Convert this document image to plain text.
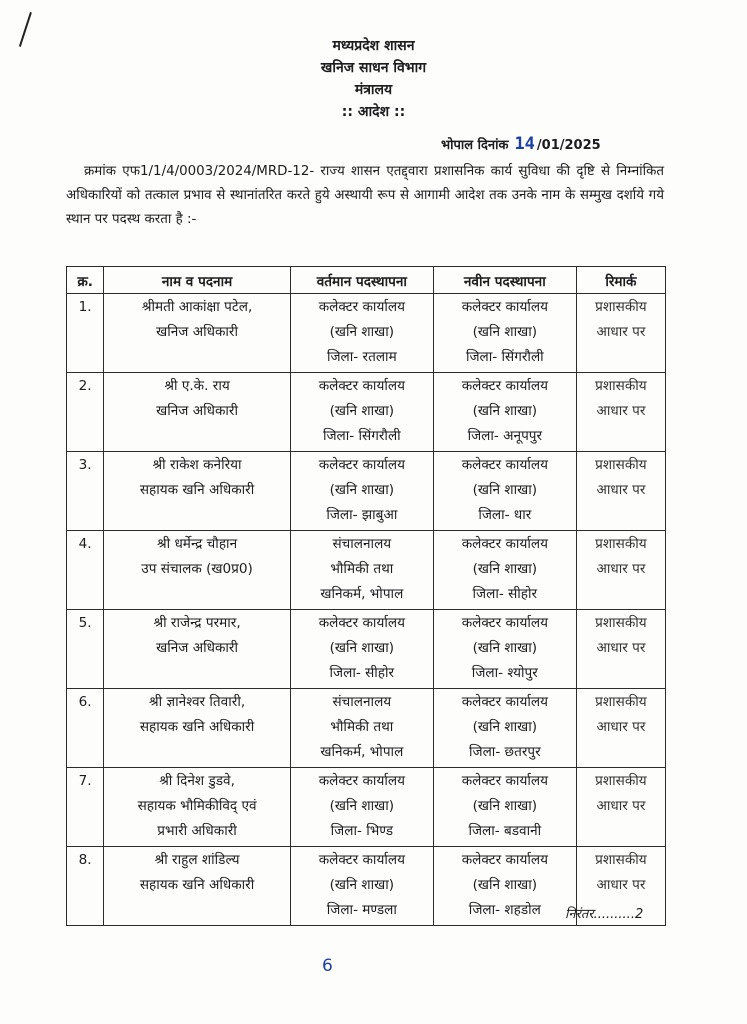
मध्यप्रदेश शासन
खनिज साधन विभाग
मंत्रालय
:: आदेश ::
भोपाल दिनांक 14 /01/2025
क्रमांक एफ1/1/4/0003/2024/MRD-12- राज्य शासन एतद्द्वारा प्रशासनिक कार्य सुविधा की दृष्टि से निम्नांकित अधिकारियों को तत्काल प्रभाव से स्थानांतरित करते हुये अस्थायी रूप से आगामी आदेश तक उनके नाम के सम्मुख दर्शाये गये स्थान पर पदस्थ करता है :-
क्र.	नाम व पदनाम	वर्तमान पदस्थापना	नवीन पदस्थापना	रिमार्क
1.	श्रीमती आकांक्षा पटेल,
खनिज अधिकारी	कलेक्टर कार्यालय
(खनि शाखा)
जिला- रतलाम	कलेक्टर कार्यालय
(खनि शाखा)
जिला- सिंगरौली	प्रशासकीय
आधार पर

2.	श्री ए.के. राय
खनिज अधिकारी	कलेक्टर कार्यालय
(खनि शाखा)
जिला- सिंगरौली	कलेक्टर कार्यालय
(खनि शाखा)
जिला- अनूपपुर	प्रशासकीय
आधार पर

3.	श्री राकेश कनेरिया
सहायक खनि अधिकारी	कलेक्टर कार्यालय
(खनि शाखा)
जिला- झाबुआ	कलेक्टर कार्यालय
(खनि शाखा)
जिला- धार	प्रशासकीय
आधार पर

4.	श्री धर्मेन्द्र चौहान
उप संचालक (ख0प्र0)	संचालनालय
भौमिकी तथा
खनिकर्म, भोपाल	कलेक्टर कार्यालय
(खनि शाखा)
जिला- सीहोर	प्रशासकीय
आधार पर

5.	श्री राजेन्द्र परमार,
खनिज अधिकारी	कलेक्टर कार्यालय
(खनि शाखा)
जिला- सीहोर	कलेक्टर कार्यालय
(खनि शाखा)
जिला- श्योपुर	प्रशासकीय
आधार पर

6.	श्री ज्ञानेश्वर तिवारी,
सहायक खनि अधिकारी	संचालनालय
भौमिकी तथा
खनिकर्म, भोपाल	कलेक्टर कार्यालय
(खनि शाखा)
जिला- छतरपुर	प्रशासकीय
आधार पर

7.	श्री दिनेश डुडवे,
सहायक भौमिकीविद् एवं
प्रभारी अधिकारी	कलेक्टर कार्यालय
(खनि शाखा)
जिला- भिण्ड	कलेक्टर कार्यालय
(खनि शाखा)
जिला- बडवानी	प्रशासकीय
आधार पर

8.	श्री राहुल शांडिल्य
सहायक खनि अधिकारी	कलेक्टर कार्यालय
(खनि शाखा)
जिला- मण्डला	कलेक्टर कार्यालय
(खनि शाखा)
जिला- शहडोल	प्रशासकीय
आधार पर
निरंतर..........2
6
